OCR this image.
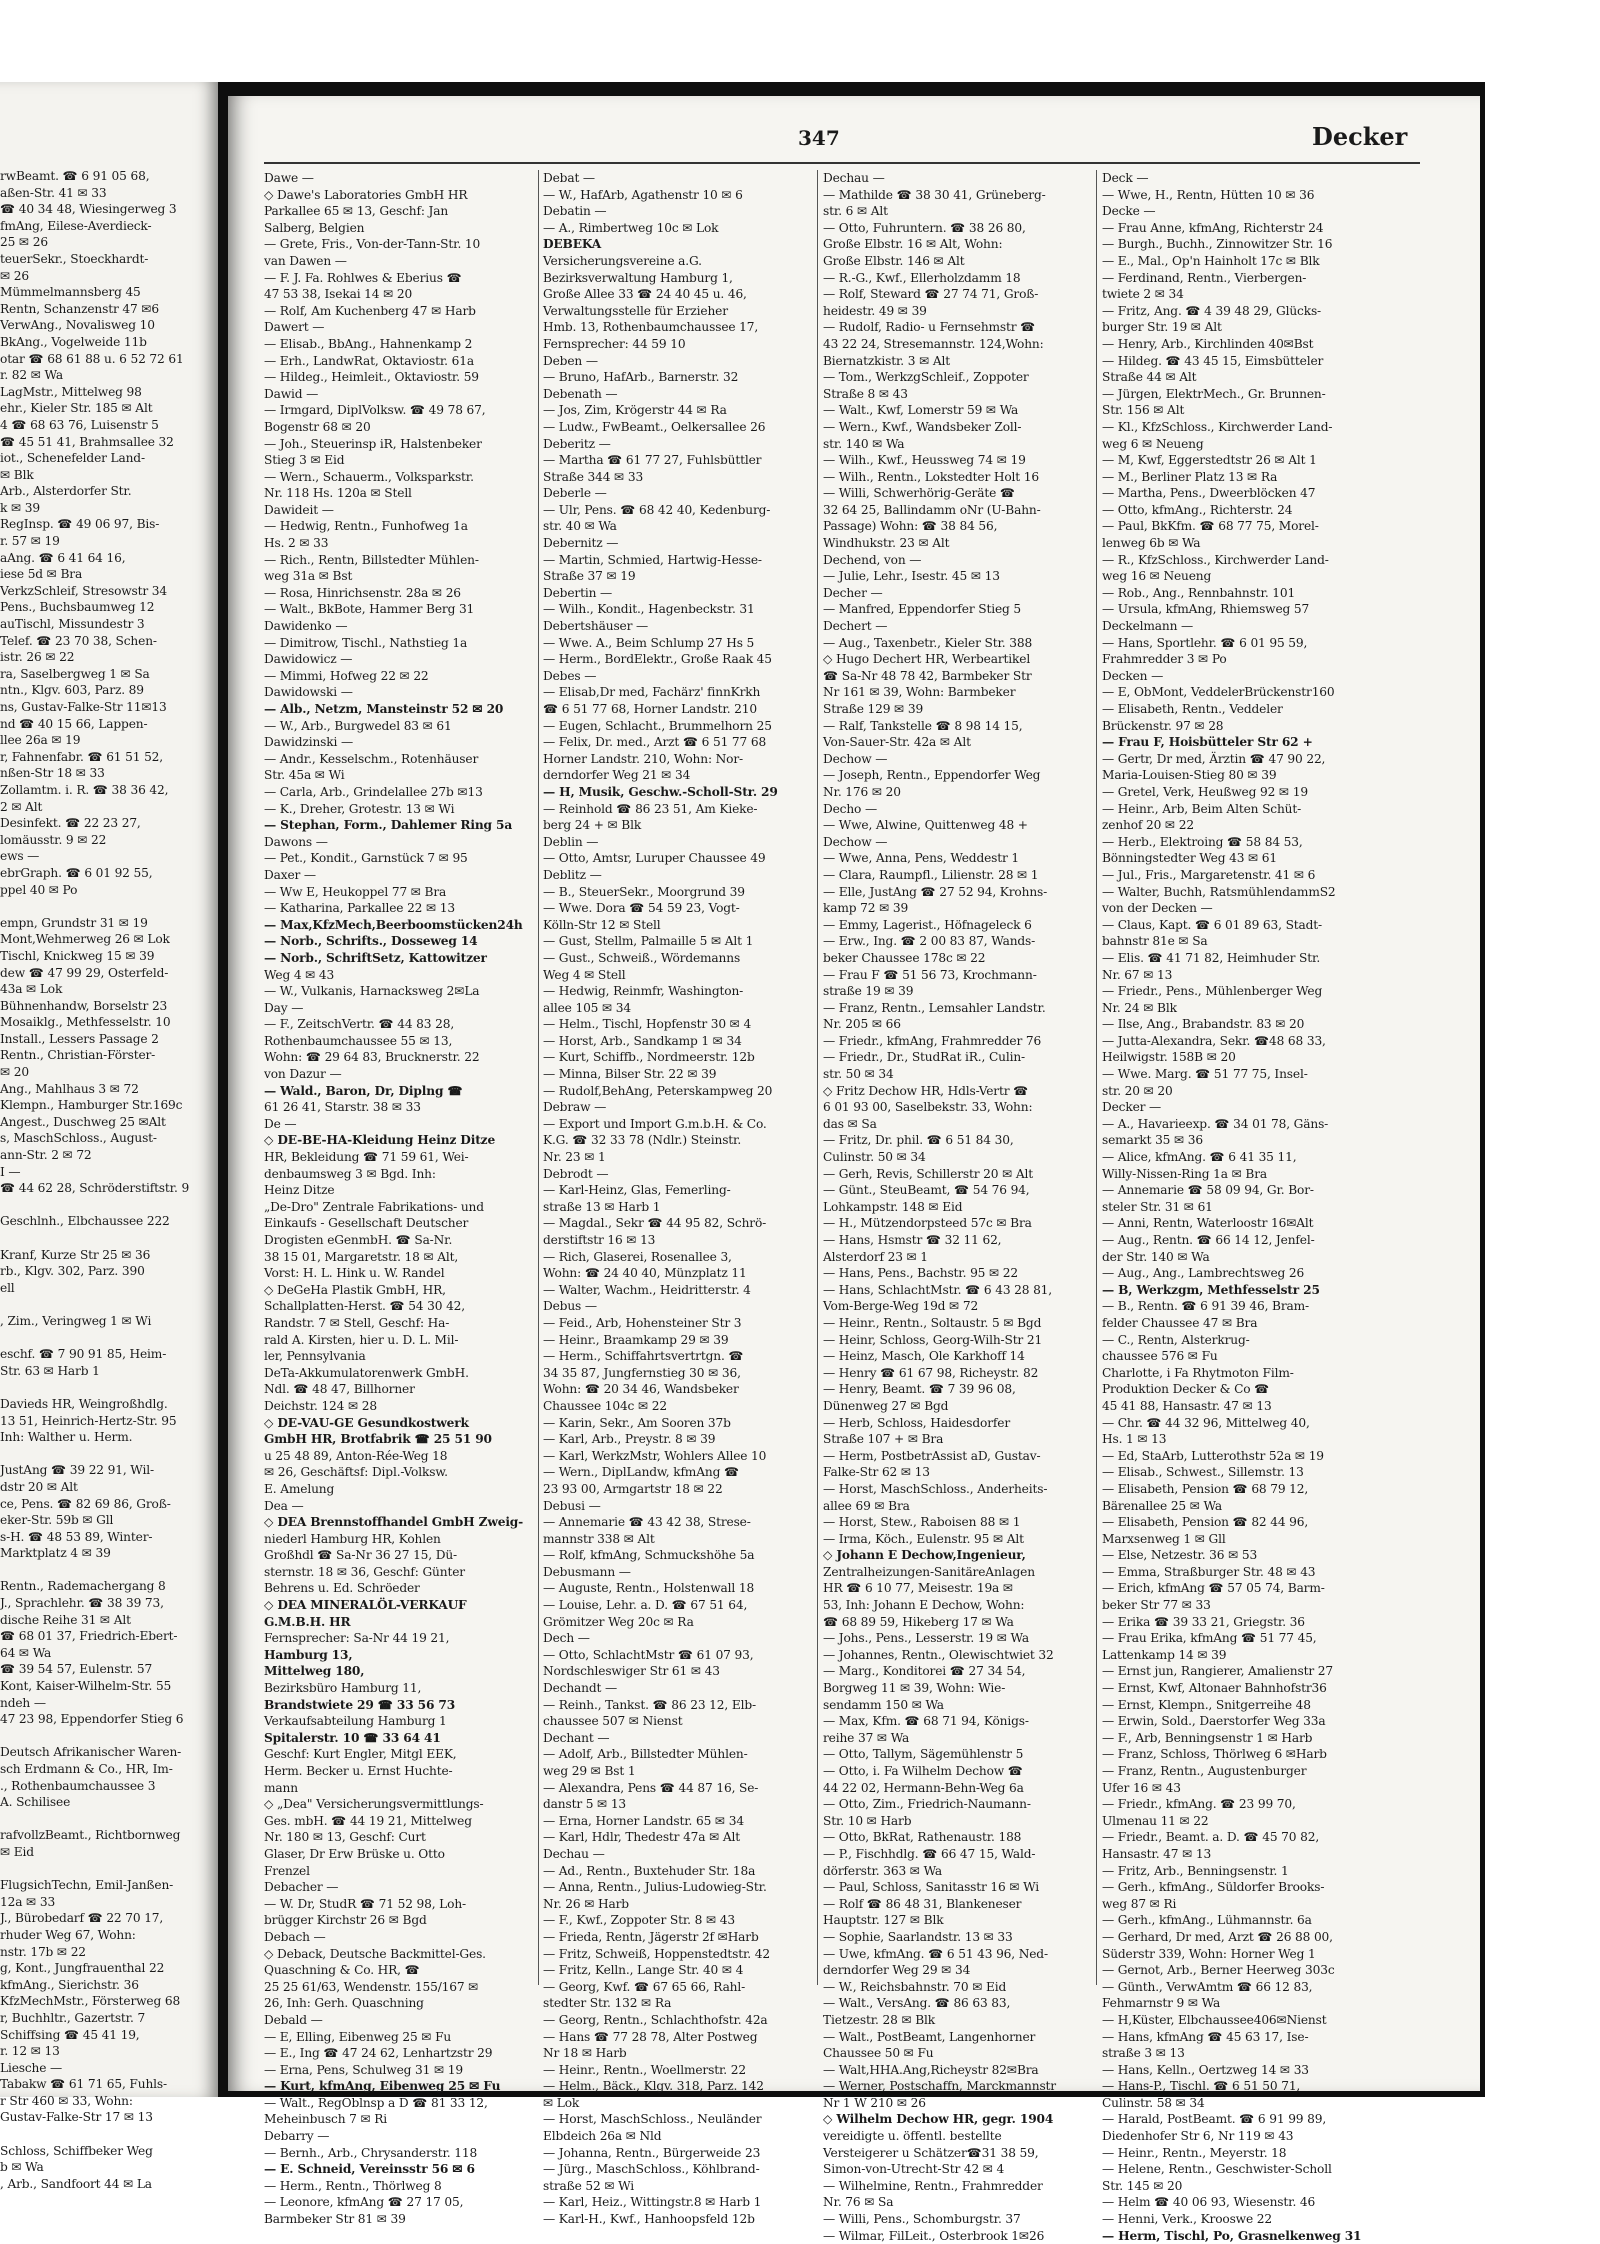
rwBeamt. ☎ 6 91 05 68,
aßen-Str. 41 ✉ 33
☎ 40 34 48, Wiesingerweg 3
fmAng, Eilese-Averdieck-
25 ✉ 26
teuerSekr., Stoeckhardt-
✉ 26
Mümmelmannsberg 45
Rentn, Schanzenstr 47 ✉6
VerwAng., Novalisweg 10
BkAng., Vogelweide 11b
otar ☎ 68 61 88 u. 6 52 72 61
r. 82 ✉ Wa
LagMstr., Mittelweg 98
ehr., Kieler Str. 185 ✉ Alt
4 ☎ 68 63 76, Luisenstr 5
☎ 45 51 41, Brahmsallee 32
iot., Schenefelder Land-
✉ Blk
Arb., Alsterdorfer Str.
k ✉ 39
RegInsp. ☎ 49 06 97, Bis-
r. 57 ✉ 19
aAng. ☎ 6 41 64 16,
iese 5d ✉ Bra
VerkzSchleif, Stresowstr 34
Pens., Buchsbaumweg 12
auTischl, Missundestr 3
Telef. ☎ 23 70 38, Schen-
istr. 26 ✉ 22
ra, Saselbergweg 1 ✉ Sa
ntn., Klgv. 603, Parz. 89
ns, Gustav-Falke-Str 11✉13
nd ☎ 40 15 66, Lappen-
llee 26a ✉ 19
r, Fahnenfabr. ☎ 61 51 52,
nßen-Str 18 ✉ 33
Zollamtm. i. R. ☎ 38 36 42,
2 ✉ Alt
Desinfekt. ☎ 22 23 27,
lomäusstr. 9 ✉ 22
ews —
ebrGraph. ☎ 6 01 92 55,
ppel 40 ✉ Po
empn, Grundstr 31 ✉ 19
Mont,Wehmerweg 26 ✉ Lok
Tischl, Knickweg 15 ✉ 39
dew ☎ 47 99 29, Osterfeld-
43a ✉ Lok
Bühnenhandw, Borselstr 23
Mosaiklg., Methfesselstr. 10
Install., Lessers Passage 2
Rentn., Christian-Förster-
✉ 20
Ang., Mahlhaus 3 ✉ 72
Klempn., Hamburger Str.169c
Angest., Duschweg 25 ✉Alt
s, MaschSchloss., August-
ann-Str. 2 ✉ 72
I —
☎ 44 62 28, Schröderstiftstr. 9
Geschlnh., Elbchaussee 222
Kranf, Kurze Str 25 ✉ 36
rb., Klgv. 302, Parz. 390
ell
, Zim., Veringweg 1 ✉ Wi
eschf. ☎ 7 90 91 85, Heim-
Str. 63 ✉ Harb 1
Davieds HR, Weingroßhdlg.
13 51, Heinrich-Hertz-Str. 95
Inh: Walther u. Herm.
JustAng ☎ 39 22 91, Wil-
dstr 20 ✉ Alt
ce, Pens. ☎ 82 69 86, Groß-
eker-Str. 59b ✉ Gll
s-H. ☎ 48 53 89, Winter-
Marktplatz 4 ✉ 39
Rentn., Rademachergang 8
J., Sprachlehr. ☎ 38 39 73,
dische Reihe 31 ✉ Alt
☎ 68 01 37, Friedrich-Ebert-
64 ✉ Wa
☎ 39 54 57, Eulenstr. 57
Kont, Kaiser-Wilhelm-Str. 55
ndeh —
47 23 98, Eppendorfer Stieg 6
Deutsch Afrikanischer Waren-
sch Erdmann & Co., HR, Im-
., Rothenbaumchaussee 3
A. Schilisee
rafvollzBeamt., Richtbornweg
✉ Eid
FlugsichTechn, Emil-Janßen-
12a ✉ 33
J., Bürobedarf ☎ 22 70 17,
rhuder Weg 67, Wohn:
nstr. 17b ✉ 22
g, Kont., Jungfrauenthal 22
kfmAng., Sierichstr. 36
KfzMechMstr., Försterweg 68
r, Buchhltr., Gazertstr. 7
Schiffsing ☎ 45 41 19,
r. 12 ✉ 13
Liesche —
Tabakw ☎ 61 71 65, Fuhls-
r Str 460 ✉ 33, Wohn:
Gustav-Falke-Str 17 ✉ 13
Schloss, Schiffbeker Weg
b ✉ Wa
, Arb., Sandfoort 44 ✉ La
347	Decker
Dawe —
◇ Dawe's Laboratories GmbH HR
Parkallee 65 ✉ 13, Geschf: Jan
Salberg, Belgien
— Grete, Fris., Von-der-Tann-Str. 10
van Dawen —
— F. J. Fa. Rohlwes & Eberius ☎
47 53 38, Isekai 14 ✉ 20
— Rolf, Am Kuchenberg 47 ✉ Harb
Dawert —
— Elisab., BbAng., Hahnenkamp 2
— Erh., LandwRat, Oktaviostr. 61a
— Hildeg., Heimleit., Oktaviostr. 59
Dawid —
— Irmgard, DiplVolksw. ☎ 49 78 67,
Bogenstr 68 ✉ 20
— Joh., Steuerinsp iR, Halstenbeker
Stieg 3 ✉ Eid
— Wern., Schauerm., Volksparkstr.
Nr. 118 Hs. 120a ✉ Stell
Dawideit —
— Hedwig, Rentn., Funhofweg 1a
Hs. 2 ✉ 33
— Rich., Rentn, Billstedter Mühlen-
weg 31a ✉ Bst
— Rosa, Hinrichsenstr. 28a ✉ 26
— Walt., BkBote, Hammer Berg 31
Dawidenko —
— Dimitrow, Tischl., Nathstieg 1a
Dawidowicz —
— Mimmi, Hofweg 22 ✉ 22
Dawidowski —
— Alb., Netzm, Mansteinstr 52 ✉ 20
— W., Arb., Burgwedel 83 ✉ 61
Dawidzinski —
— Andr., Kesselschm., Rotenhäuser
Str. 45a ✉ Wi
— Carla, Arb., Grindelallee 27b ✉13
— K., Dreher, Grotestr. 13 ✉ Wi
— Stephan, Form., Dahlemer Ring 5a
Dawons —
— Pet., Kondit., Garnstück 7 ✉ 95
Daxer —
— Ww E, Heukoppel 77 ✉ Bra
— Katharina, Parkallee 22 ✉ 13
— Max,KfzMech,Beerboomstücken24h
— Norb., Schrifts., Dosseweg 14
— Norb., SchriftSetz, Kattowitzer
Weg 4 ✉ 43
— W., Vulkanis, Harnacksweg 2✉La
Day —
— F., ZeitschVertr. ☎ 44 83 28,
Rothenbaumchaussee 55 ✉ 13,
Wohn: ☎ 29 64 83, Brucknerstr. 22
von Dazur —
— Wald., Baron, Dr, Diplng ☎
61 26 41, Starstr. 38 ✉ 33
De —
◇ DE-BE-HA-Kleidung Heinz Ditze
HR, Bekleidung ☎ 71 59 61, Wei-
denbaumsweg 3 ✉ Bgd. Inh:
Heinz Ditze
„De-Dro" Zentrale Fabrikations- und
Einkaufs - Gesellschaft Deutscher
Drogisten eGenmbH. ☎ Sa-Nr.
38 15 01, Margaretstr. 18 ✉ Alt,
Vorst: H. L. Hink u. W. Randel
◇ DeGeHa Plastik GmbH, HR,
Schallplatten-Herst. ☎ 54 30 42,
Randstr. 7 ✉ Stell, Geschf: Ha-
rald A. Kirsten, hier u. D. L. Mil-
ler, Pennsylvania
DeTa-Akkumulatorenwerk GmbH.
Ndl. ☎ 48 47, Billhorner
Deichstr. 124 ✉ 28
◇ DE-VAU-GE Gesundkostwerk
GmbH HR, Brotfabrik ☎ 25 51 90
u 25 48 89, Anton-Rée-Weg 18
✉ 26, Geschäftsf: Dipl.-Volksw.
E. Amelung
Dea —
◇ DEA Brennstoffhandel GmbH Zweig-
niederl Hamburg HR, Kohlen
Großhdl ☎ Sa-Nr 36 27 15, Dü-
sternstr. 18 ✉ 36, Geschf: Günter
Behrens u. Ed. Schröeder
◇ DEA MINERALÖL-VERKAUF
G.M.B.H. HR
Fernsprecher: Sa-Nr 44 19 21,
Hamburg 13,
Mittelweg 180,
Bezirksbüro Hamburg 11,
Brandstwiete 29 ☎ 33 56 73
Verkaufsabteilung Hamburg 1
Spitalerstr. 10 ☎ 33 64 41
Geschf: Kurt Engler, Mitgl EEK,
Herm. Becker u. Ernst Huchte-
mann
◇ „Dea" Versicherungsvermittlungs-
Ges. mbH. ☎ 44 19 21, Mittelweg
Nr. 180 ✉ 13, Geschf: Curt
Glaser, Dr Erw Brüske u. Otto
Frenzel
Debacher —
— W. Dr, StudR ☎ 71 52 98, Loh-
brügger Kirchstr 26 ✉ Bgd
Debach —
◇ Deback, Deutsche Backmittel-Ges.
Quaschning & Co. HR, ☎
25 25 61/63, Wendenstr. 155/167 ✉
26, Inh: Gerh. Quaschning
Debald —
— E, Elling, Eibenweg 25 ✉ Fu
— E., Ing ☎ 47 24 62, Lenhartzstr 29
— Erna, Pens, Schulweg 31 ✉ 19
— Kurt, kfmAng, Eibenweg 25 ✉ Fu
— Walt., RegOblnsp a D ☎ 81 33 12,
Meheinbusch 7 ✉ Ri
Debarry —
— Bernh., Arb., Chrysanderstr. 118
— E. Schneid, Vereinsstr 56 ✉ 6
— Herm., Rentn., Thörlweg 8
— Leonore, kfmAng ☎ 27 17 05,
Barmbeker Str 81 ✉ 39
Debat —
— W., HafArb, Agathenstr 10 ✉ 6
Debatin —
— A., Rimbertweg 10c ✉ Lok
DEBEKA
Versicherungsvereine a.G.
Bezirksverwaltung Hamburg 1,
Große Allee 33 ☎ 24 40 45 u. 46,
Verwaltungsstelle für Erzieher
Hmb. 13, Rothenbaumchaussee 17,
Fernsprecher: 44 59 10
Deben —
— Bruno, HafArb., Barnerstr. 32
Debenath —
— Jos, Zim, Krögerstr 44 ✉ Ra
— Ludw., FwBeamt., Oelkersallee 26
Deberitz —
— Martha ☎ 61 77 27, Fuhlsbüttler
Straße 344 ✉ 33
Deberle —
— Ulr, Pens. ☎ 68 42 40, Kedenburg-
str. 40 ✉ Wa
Debernitz —
— Martin, Schmied, Hartwig-Hesse-
Straße 37 ✉ 19
Debertin —
— Wilh., Kondit., Hagenbeckstr. 31
Debertshäuser —
— Wwe. A., Beim Schlump 27 Hs 5
— Herm., BordElektr., Große Raak 45
Debes —
— Elisab,Dr med, Fachärz' finnKrkh
☎ 6 51 77 68, Horner Landstr. 210
— Eugen, Schlacht., Brummelhorn 25
— Felix, Dr. med., Arzt ☎ 6 51 77 68
Horner Landstr. 210, Wohn: Nor-
derndorfer Weg 21 ✉ 34
— H, Musik, Geschw.-Scholl-Str. 29
— Reinhold ☎ 86 23 51, Am Kieke-
berg 24 + ✉ Blk
Deblin —
— Otto, Amtsr, Luruper Chaussee 49
Deblitz —
— B., SteuerSekr., Moorgrund 39
— Wwe. Dora ☎ 54 59 23, Vogt-
Kölln-Str 12 ✉ Stell
— Gust, Stellm, Palmaille 5 ✉ Alt 1
— Gust., Schweiß., Wördemanns
Weg 4 ✉ Stell
— Hedwig, Reinmfr, Washington-
allee 105 ✉ 34
— Helm., Tischl, Hopfenstr 30 ✉ 4
— Horst, Arb., Sandkamp 1 ✉ 34
— Kurt, Schiffb., Nordmeerstr. 12b
— Minna, Bilser Str. 22 ✉ 39
— Rudolf,BehAng, Peterskampweg 20
Debraw —
— Export und Import G.m.b.H. & Co.
K.G. ☎ 32 33 78 (Ndlr.) Steinstr.
Nr. 23 ✉ 1
Debrodt —
— Karl-Heinz, Glas, Femerling-
straße 13 ✉ Harb 1
— Magdal., Sekr ☎ 44 95 82, Schrö-
derstiftstr 16 ✉ 13
— Rich, Glaserei, Rosenallee 3,
Wohn: ☎ 24 40 40, Münzplatz 11
— Walter, Wachm., Heidritterstr. 4
Debus —
— Feid., Arb, Hohensteiner Str 3
— Heinr., Braamkamp 29 ✉ 39
— Herm., Schiffahrtsvertrtgn. ☎
34 35 87, Jungfernstieg 30 ✉ 36,
Wohn: ☎ 20 34 46, Wandsbeker
Chaussee 104c ✉ 22
— Karin, Sekr., Am Sooren 37b
— Karl, Arb., Preystr. 8 ✉ 39
— Karl, WerkzMstr, Wohlers Allee 10
— Wern., DiplLandw, kfmAng ☎
23 93 00, Armgartstr 18 ✉ 22
Debusi —
— Annemarie ☎ 43 42 38, Strese-
mannstr 338 ✉ Alt
— Rolf, kfmAng, Schmuckshöhe 5a
Debusmann —
— Auguste, Rentn., Holstenwall 18
— Louise, Lehr. a. D. ☎ 67 51 64,
Grömitzer Weg 20c ✉ Ra
Dech —
— Otto, SchlachtMstr ☎ 61 07 93,
Nordschleswiger Str 61 ✉ 43
Dechandt —
— Reinh., Tankst. ☎ 86 23 12, Elb-
chaussee 507 ✉ Nienst
Dechant —
— Adolf, Arb., Billstedter Mühlen-
weg 29 ✉ Bst 1
— Alexandra, Pens ☎ 44 87 16, Se-
danstr 5 ✉ 13
— Erna, Horner Landstr. 65 ✉ 34
— Karl, Hdlr, Thedestr 47a ✉ Alt
Dechau —
— Ad., Rentn., Buxtehuder Str. 18a
— Anna, Rentn., Julius-Ludowieg-Str.
Nr. 26 ✉ Harb
— F., Kwf., Zoppoter Str. 8 ✉ 43
— Frieda, Rentn, Jägerstr 2f ✉Harb
— Fritz, Schweiß, Hoppenstedtstr. 42
— Fritz, Kelln., Lange Str. 40 ✉ 4
— Georg, Kwf. ☎ 67 65 66, Rahl-
stedter Str. 132 ✉ Ra
— Georg, Rentn., Schlachthofstr. 42a
— Hans ☎ 77 28 78, Alter Postweg
Nr 18 ✉ Harb
— Heinr., Rentn., Woellmerstr. 22
— Helm., Bäck., Klgv. 318, Parz. 142
✉ Lok
— Horst, MaschSchloss., Neuländer
Elbdeich 26a ✉ Nld
— Johanna, Rentn., Bürgerweide 23
— Jürg., MaschSchloss., Köhlbrand-
straße 52 ✉ Wi
— Karl, Heiz., Wittingstr.8 ✉ Harb 1
— Karl-H., Kwf., Hanhoopsfeld 12b
Dechau —
— Mathilde ☎ 38 30 41, Grüneberg-
str. 6 ✉ Alt
— Otto, Fuhruntern. ☎ 38 26 80,
Große Elbstr. 16 ✉ Alt, Wohn:
Große Elbstr. 146 ✉ Alt
— R.-G., Kwf., Ellerholzdamm 18
— Rolf, Steward ☎ 27 74 71, Groß-
heidestr. 49 ✉ 39
— Rudolf, Radio- u Fernsehmstr ☎
43 22 24, Stresemannstr. 124,Wohn:
Biernatzkistr. 3 ✉ Alt
— Tom., WerkzgSchleif., Zoppoter
Straße 8 ✉ 43
— Walt., Kwf, Lomerstr 59 ✉ Wa
— Wern., Kwf., Wandsbeker Zoll-
str. 140 ✉ Wa
— Wilh., Kwf., Heussweg 74 ✉ 19
— Wilh., Rentn., Lokstedter Holt 16
— Willi, Schwerhörig-Geräte ☎
32 64 25, Ballindamm oNr (U-Bahn-
Passage) Wohn: ☎ 38 84 56,
Windhukstr. 23 ✉ Alt
Dechend, von —
— Julie, Lehr., Isestr. 45 ✉ 13
Decher —
— Manfred, Eppendorfer Stieg 5
Dechert —
— Aug., Taxenbetr., Kieler Str. 388
◇ Hugo Dechert HR, Werbeartikel
☎ Sa-Nr 48 78 42, Barmbeker Str
Nr 161 ✉ 39, Wohn: Barmbeker
Straße 129 ✉ 39
— Ralf, Tankstelle ☎ 8 98 14 15,
Von-Sauer-Str. 42a ✉ Alt
Dechow —
— Joseph, Rentn., Eppendorfer Weg
Nr. 176 ✉ 20
Decho —
— Wwe, Alwine, Quittenweg 48 +
Dechow —
— Wwe, Anna, Pens, Weddestr 1
— Clara, Raumpfl., Lilienstr. 28 ✉ 1
— Elle, JustAng ☎ 27 52 94, Krohns-
kamp 72 ✉ 39
— Emmy, Lagerist., Höfnageleck 6
— Erw., Ing. ☎ 2 00 83 87, Wands-
beker Chaussee 178c ✉ 22
— Frau F ☎ 51 56 73, Krochmann-
straße 19 ✉ 39
— Franz, Rentn., Lemsahler Landstr.
Nr. 205 ✉ 66
— Friedr., kfmAng, Frahmredder 76
— Friedr., Dr., StudRat iR., Culin-
str. 50 ✉ 34
◇ Fritz Dechow HR, Hdls-Vertr ☎
6 01 93 00, Saselbekstr. 33, Wohn:
das ✉ Sa
— Fritz, Dr. phil. ☎ 6 51 84 30,
Culinstr. 50 ✉ 34
— Gerh, Revis, Schillerstr 20 ✉ Alt
— Günt., SteuBeamt, ☎ 54 76 94,
Lohkampstr. 148 ✉ Eid
— H., Mützendorpsteed 57c ✉ Bra
— Hans, Hsmstr ☎ 32 11 62,
Alsterdorf 23 ✉ 1
— Hans, Pens., Bachstr. 95 ✉ 22
— Hans, SchlachtMstr. ☎ 6 43 28 81,
Vom-Berge-Weg 19d ✉ 72
— Heinr., Rentn., Soltaustr. 5 ✉ Bgd
— Heinr, Schloss, Georg-Wilh-Str 21
— Heinz, Masch, Ole Karkhoff 14
— Henry ☎ 61 67 98, Richeystr. 82
— Henry, Beamt. ☎ 7 39 96 08,
Dünenweg 27 ✉ Bgd
— Herb, Schloss, Haidesdorfer
Straße 107 + ✉ Bra
— Herm, PostbetrAssist aD, Gustav-
Falke-Str 62 ✉ 13
— Horst, MaschSchloss., Anderheits-
allee 69 ✉ Bra
— Horst, Stew., Raboisen 88 ✉ 1
— Irma, Köch., Eulenstr. 95 ✉ Alt
◇ Johann E Dechow,Ingenieur,
Zentralheizungen-SanitäreAnlagen
HR ☎ 6 10 77, Meisestr. 19a ✉
53, Inh: Johann E Dechow, Wohn:
☎ 68 89 59, Hikeberg 17 ✉ Wa
— Johs., Pens., Lesserstr. 19 ✉ Wa
— Johannes, Rentn., Olewischtwiet 32
— Marg., Konditorei ☎ 27 34 54,
Borgweg 11 ✉ 39, Wohn: Wie-
sendamm 150 ✉ Wa
— Max, Kfm. ☎ 68 71 94, Königs-
reihe 37 ✉ Wa
— Otto, Tallym, Sägemühlenstr 5
— Otto, i. Fa Wilhelm Dechow ☎
44 22 02, Hermann-Behn-Weg 6a
— Otto, Zim., Friedrich-Naumann-
Str. 10 ✉ Harb
— Otto, BkRat, Rathenaustr. 188
— P., Fischhdlg. ☎ 66 47 15, Wald-
dörferstr. 363 ✉ Wa
— Paul, Schloss, Sanitasstr 16 ✉ Wi
— Rolf ☎ 86 48 31, Blankeneser
Hauptstr. 127 ✉ Blk
— Sophie, Saarlandstr. 13 ✉ 33
— Uwe, kfmAng. ☎ 6 51 43 96, Ned-
derndorfer Weg 29 ✉ 34
— W., Reichsbahnstr. 70 ✉ Eid
— Walt., VersAng. ☎ 86 63 83,
Tietzestr. 28 ✉ Blk
— Walt., PostBeamt, Langenhorner
Chaussee 50 ✉ Fu
— Walt,HHA.Ang,Richeystr 82✉Bra
— Werner, Postschaffn, Marckmannstr
Nr 1 W 210 ✉ 26
◇ Wilhelm Dechow HR, gegr. 1904
vereidigte u. öffentl. bestellte
Versteigerer u Schätzer☎31 38 59,
Simon-von-Utrecht-Str 42 ✉ 4
— Wilhelmine, Rentn., Frahmredder
Nr. 76 ✉ Sa
— Willi, Pens., Schomburgstr. 37
— Wilmar, FilLeit., Osterbrook 1✉26
Deck —
— Wwe, H., Rentn, Hütten 10 ✉ 36
Decke —
— Frau Anne, kfmAng, Richterstr 24
— Burgh., Buchh., Zinnowitzer Str. 16
— E., Mal., Op'n Hainholt 17c ✉ Blk
— Ferdinand, Rentn., Vierbergen-
twiete 2 ✉ 34
— Fritz, Ang. ☎ 4 39 48 29, Glücks-
burger Str. 19 ✉ Alt
— Henry, Arb., Kirchlinden 40✉Bst
— Hildeg. ☎ 43 45 15, Eimsbütteler
Straße 44 ✉ Alt
— Jürgen, ElektrMech., Gr. Brunnen-
Str. 156 ✉ Alt
— Kl., KfzSchloss., Kirchwerder Land-
weg 6 ✉ Neueng
— M, Kwf, Eggerstedtstr 26 ✉ Alt 1
— M., Berliner Platz 13 ✉ Ra
— Martha, Pens., Dweerblöcken 47
— Otto, kfmAng., Richterstr. 24
— Paul, BkKfm. ☎ 68 77 75, Morel-
lenweg 6b ✉ Wa
— R., KfzSchloss., Kirchwerder Land-
weg 16 ✉ Neueng
— Rob., Ang., Rennbahnstr. 101
— Ursula, kfmAng, Rhiemsweg 57
Deckelmann —
— Hans, Sportlehr. ☎ 6 01 95 59,
Frahmredder 3 ✉ Po
Decken —
— E, ObMont, VeddelerBrückenstr160
— Elisabeth, Rentn., Veddeler
Brückenstr. 97 ✉ 28
— Frau F, Hoisbütteler Str 62 +
— Gertr, Dr med, Ärztin ☎ 47 90 22,
Maria-Louisen-Stieg 80 ✉ 39
— Gretel, Verk, Heußweg 92 ✉ 19
— Heinr., Arb, Beim Alten Schüt-
zenhof 20 ✉ 22
— Herb., Elektroing ☎ 58 84 53,
Bönningstedter Weg 43 ✉ 61
— Jul., Fris., Margaretenstr. 41 ✉ 6
— Walter, Buchh, RatsmühlendammS2
von der Decken —
— Claus, Kapt. ☎ 6 01 89 63, Stadt-
bahnstr 81e ✉ Sa
— Elis. ☎ 41 71 82, Heimhuder Str.
Nr. 67 ✉ 13
— Friedr., Pens., Mühlenberger Weg
Nr. 24 ✉ Blk
— Ilse, Ang., Brabandstr. 83 ✉ 20
— Jutta-Alexandra, Sekr. ☎48 68 33,
Heilwigstr. 158B ✉ 20
— Wwe. Marg. ☎ 51 77 75, Insel-
str. 20 ✉ 20
Decker —
— A., Havarieexp. ☎ 34 01 78, Gäns-
semarkt 35 ✉ 36
— Alice, kfmAng. ☎ 6 41 35 11,
Willy-Nissen-Ring 1a ✉ Bra
— Annemarie ☎ 58 09 94, Gr. Bor-
steler Str. 31 ✉ 61
— Anni, Rentn, Waterloostr 16✉Alt
— Aug., Rentn. ☎ 66 14 12, Jenfel-
der Str. 140 ✉ Wa
— Aug., Ang., Lambrechtsweg 26
— B, Werkzgm, Methfesselstr 25
— B., Rentn. ☎ 6 91 39 46, Bram-
felder Chaussee 47 ✉ Bra
— C., Rentn, Alsterkrug-
chaussee 576 ✉ Fu
Charlotte, i Fa Rhytmoton Film-
Produktion Decker & Co ☎
45 41 88, Hansastr. 47 ✉ 13
— Chr. ☎ 44 32 96, Mittelweg 40,
Hs. 1 ✉ 13
— Ed, StaArb, Lutterothstr 52a ✉ 19
— Elisab., Schwest., Sillemstr. 13
— Elisabeth, Pension ☎ 68 79 12,
Bärenallee 25 ✉ Wa
— Elisabeth, Pension ☎ 82 44 96,
Marxsenweg 1 ✉ Gll
— Else, Netzestr. 36 ✉ 53
— Emma, Straßburger Str. 48 ✉ 43
— Erich, kfmAng ☎ 57 05 74, Barm-
beker Str 77 ✉ 33
— Erika ☎ 39 33 21, Griegstr. 36
— Frau Erika, kfmAng ☎ 51 77 45,
Lattenkamp 14 ✉ 39
— Ernst jun, Rangierer, Amalienstr 27
— Ernst, Kwf, Altonaer Bahnhofstr36
— Ernst, Klempn., Snitgerreihe 48
— Erwin, Sold., Daerstorfer Weg 33a
— F., Arb, Benningsenstr 1 ✉ Harb
— Franz, Schloss, Thörlweg 6 ✉Harb
— Franz, Rentn., Augustenburger
Ufer 16 ✉ 43
— Friedr., kfmAng. ☎ 23 99 70,
Ulmenau 11 ✉ 22
— Friedr., Beamt. a. D. ☎ 45 70 82,
Hansastr. 47 ✉ 13
— Fritz, Arb., Benningsenstr. 1
— Gerh., kfmAng., Süldorfer Brooks-
weg 87 ✉ Ri
— Gerh., kfmAng., Lühmannstr. 6a
— Gerhard, Dr med, Arzt ☎ 26 88 00,
Süderstr 339, Wohn: Horner Weg 1
— Gernot, Arb., Berner Heerweg 303c
— Günth., VerwAmtm ☎ 66 12 83,
Fehmarnstr 9 ✉ Wa
— H,Küster, Elbchaussee406✉Nienst
— Hans, kfmAng ☎ 45 63 17, Ise-
straße 3 ✉ 13
— Hans, Kelln., Oertzweg 14 ✉ 33
— Hans-P., Tischl. ☎ 6 51 50 71,
Culinstr. 58 ✉ 34
— Harald, PostBeamt. ☎ 6 91 99 89,
Diedenhofer Str 6, Nr 119 ✉ 43
— Heinr., Rentn., Meyerstr. 18
— Helene, Rentn., Geschwister-Scholl
Str. 145 ✉ 20
— Helm ☎ 40 06 93, Wiesenstr. 46
— Henni, Verk., Krooswe 22
— Herm, Tischl, Po, Grasnelkenweg 31
